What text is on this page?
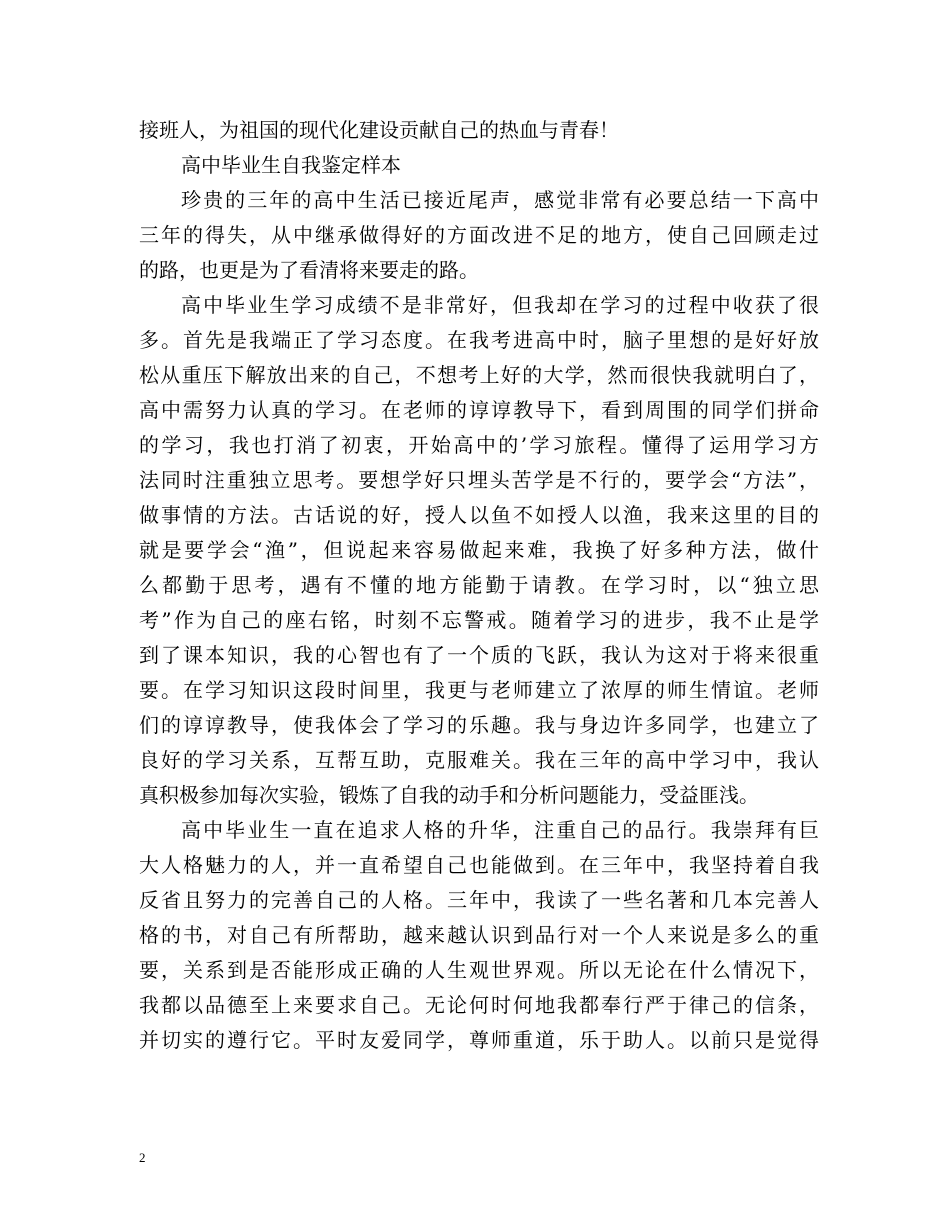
接班人，为祖国的现代化建设贡献自己的热血与青春！
高中毕业生自我鉴定样本
珍贵的三年的高中生活已接近尾声，感觉非常有必要总结一下高中
三年的得失，从中继承做得好的方面改进不足的地方，使自己回顾走过
的路，也更是为了看清将来要走的路。
高中毕业生学习成绩不是非常好，但我却在学习的过程中收获了很
多。首先是我端正了学习态度。在我考进高中时，脑子里想的是好好放
松从重压下解放出来的自己，不想考上好的大学，然而很快我就明白了，
高中需努力认真的学习。在老师的谆谆教导下，看到周围的同学们拼命
的学习，我也打消了初衷，开始高中的’学习旅程。懂得了运用学习方
法同时注重独立思考。要想学好只埋头苦学是不行的，要学会“方法”，
做事情的方法。古话说的好，授人以鱼不如授人以渔，我来这里的目的
就是要学会“渔”，但说起来容易做起来难，我换了好多种方法，做什
么都勤于思考，遇有不懂的地方能勤于请教。在学习时，以“独立思
考”作为自己的座右铭，时刻不忘警戒。随着学习的进步，我不止是学
到了课本知识，我的心智也有了一个质的飞跃，我认为这对于将来很重
要。在学习知识这段时间里，我更与老师建立了浓厚的师生情谊。老师
们的谆谆教导，使我体会了学习的乐趣。我与身边许多同学，也建立了
良好的学习关系，互帮互助，克服难关。我在三年的高中学习中，我认
真积极参加每次实验，锻炼了自我的动手和分析问题能力，受益匪浅。
高中毕业生一直在追求人格的升华，注重自己的品行。我崇拜有巨
大人格魅力的人，并一直希望自己也能做到。在三年中，我坚持着自我
反省且努力的完善自己的人格。三年中，我读了一些名著和几本完善人
格的书，对自己有所帮助，越来越认识到品行对一个人来说是多么的重
要，关系到是否能形成正确的人生观世界观。所以无论在什么情况下，
我都以品德至上来要求自己。无论何时何地我都奉行严于律己的信条，
并切实的遵行它。平时友爱同学，尊师重道，乐于助人。以前只是觉得
2
